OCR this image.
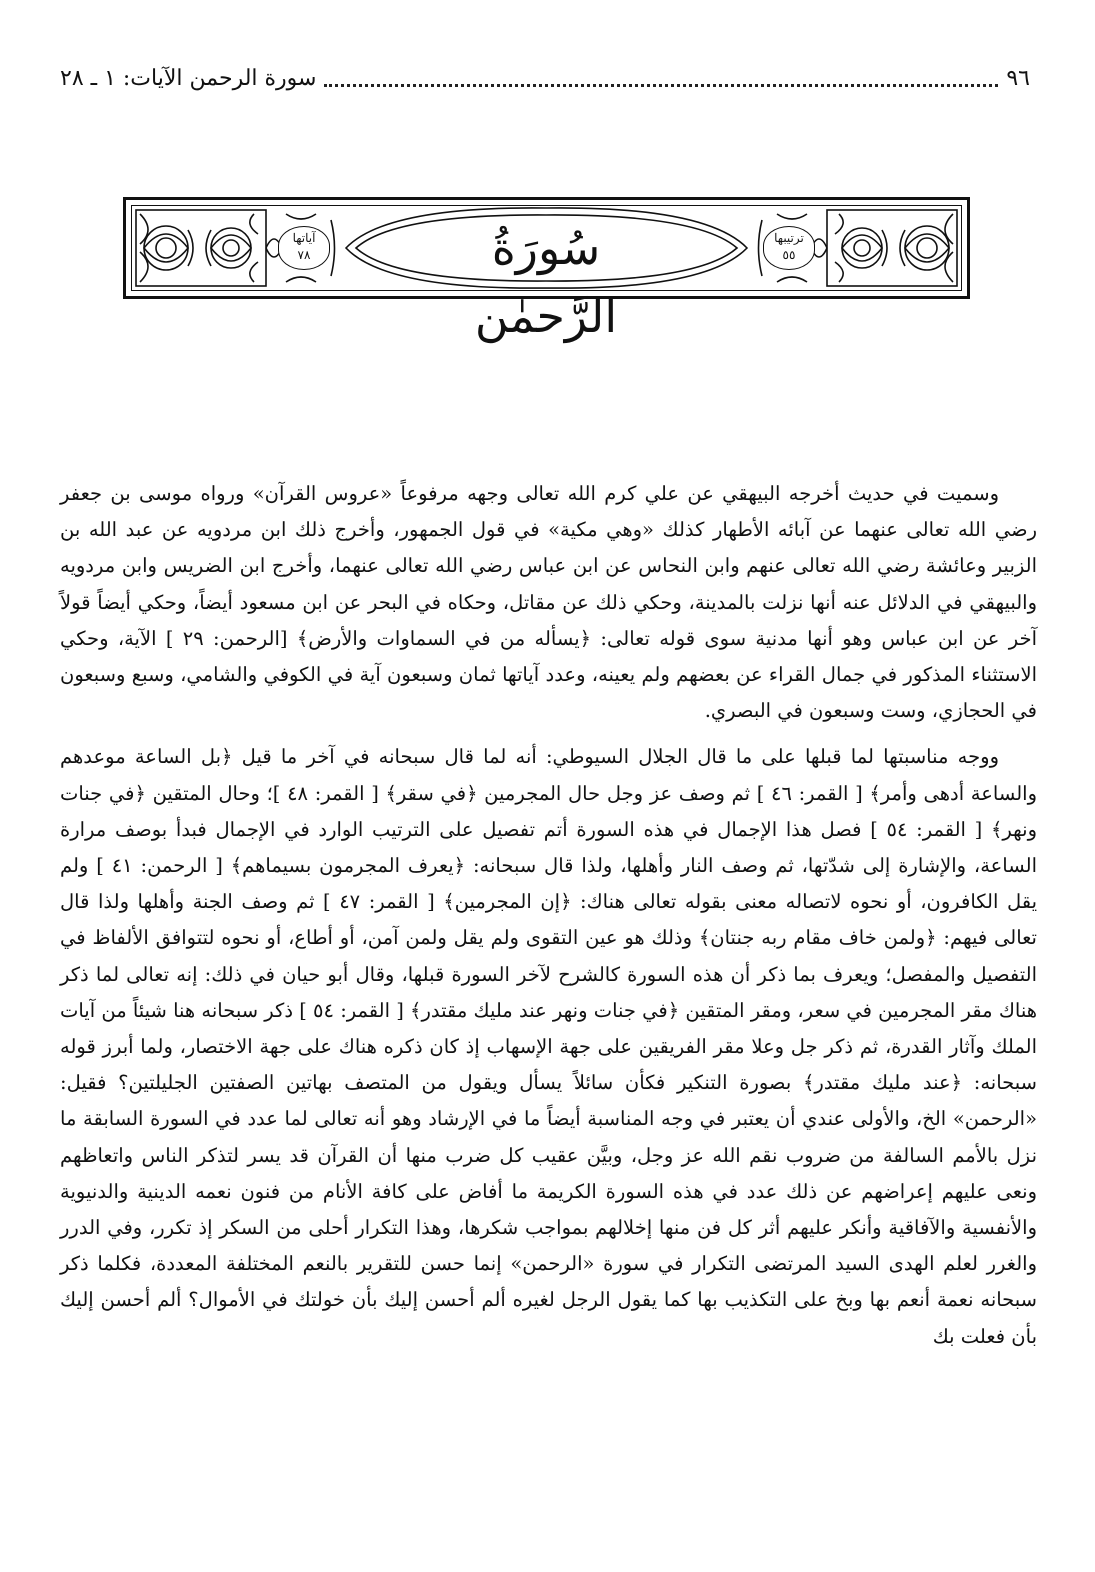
٩٦
سورة الرحمن الآيات: ١ ـ ٢٨
آياتها
٧٨	سُورَةُ الرَّحمٰن
ترتيبها
٥٥

وسميت في حديث أخرجه البيهقي عن علي كرم الله تعالى وجهه مرفوعاً «عروس القرآن» ورواه موسى بن جعفر رضي الله تعالى عنهما عن آبائه الأطهار كذلك «وهي مكية» في قول الجمهور، وأخرج ذلك ابن مردويه عن عبد الله بن الزبير وعائشة رضي الله تعالى عنهم وابن النحاس عن ابن عباس رضي الله تعالى عنهما، وأخرج ابن الضريس وابن مردويه والبيهقي في الدلائل عنه أنها نزلت بالمدينة، وحكي ذلك عن مقاتل، وحكاه في البحر عن ابن مسعود أيضاً، وحكي أيضاً قولاً آخر عن ابن عباس وهو أنها مدنية سوى قوله تعالى: ﴿يسأله من في السماوات والأرض﴾ [الرحمن: ٢٩ ] الآية، وحكي الاستثناء المذكور في جمال القراء عن بعضهم ولم يعينه، وعدد آياتها ثمان وسبعون آية في الكوفي والشامي، وسبع وسبعون في الحجازي، وست وسبعون في البصري.

ووجه مناسبتها لما قبلها على ما قال الجلال السيوطي: أنه لما قال سبحانه في آخر ما قيل ﴿بل الساعة موعدهم والساعة أدهى وأمر﴾ [ القمر: ٤٦ ] ثم وصف عز وجل حال المجرمين ﴿في سقر﴾ [ القمر: ٤٨ ]؛ وحال المتقين ﴿في جنات ونهر﴾ [ القمر: ٥٤ ] فصل هذا الإجمال في هذه السورة أتم تفصيل على الترتيب الوارد في الإجمال فبدأ بوصف مرارة الساعة، والإشارة إلى شدّتها، ثم وصف النار وأهلها، ولذا قال سبحانه: ﴿يعرف المجرمون بسيماهم﴾ [ الرحمن: ٤١ ] ولم يقل الكافرون، أو نحوه لاتصاله معنى بقوله تعالى هناك: ﴿إن المجرمين﴾ [ القمر: ٤٧ ] ثم وصف الجنة وأهلها ولذا قال تعالى فيهم: ﴿ولمن خاف مقام ربه جنتان﴾ وذلك هو عين التقوى ولم يقل ولمن آمن، أو أطاع، أو نحوه لتتوافق الألفاظ في التفصيل والمفصل؛ ويعرف بما ذكر أن هذه السورة كالشرح لآخر السورة قبلها، وقال أبو حيان في ذلك: إنه تعالى لما ذكر هناك مقر المجرمين في سعر، ومقر المتقين ﴿في جنات ونهر عند مليك مقتدر﴾ [ القمر: ٥٤ ] ذكر سبحانه هنا شيئاً من آيات الملك وآثار القدرة، ثم ذكر جل وعلا مقر الفريقين على جهة الإسهاب إذ كان ذكره هناك على جهة الاختصار، ولما أبرز قوله سبحانه: ﴿عند مليك مقتدر﴾ بصورة التنكير فكأن سائلاً يسأل ويقول من المتصف بهاتين الصفتين الجليلتين؟ فقيل: «الرحمن» الخ، والأولى عندي أن يعتبر في وجه المناسبة أيضاً ما في الإرشاد وهو أنه تعالى لما عدد في السورة السابقة ما نزل بالأمم السالفة من ضروب نقم الله عز وجل، وبيَّن عقيب كل ضرب منها أن القرآن قد يسر لتذكر الناس واتعاظهم ونعى عليهم إعراضهم عن ذلك عدد في هذه السورة الكريمة ما أفاض على كافة الأنام من فنون نعمه الدينية والدنيوية والأنفسية والآفاقية وأنكر عليهم أثر كل فن منها إخلالهم بمواجب شكرها، وهذا التكرار أحلى من السكر إذ تكرر، وفي الدرر والغرر لعلم الهدى السيد المرتضى التكرار في سورة «الرحمن» إنما حسن للتقرير بالنعم المختلفة المعددة، فكلما ذكر سبحانه نعمة أنعم بها وبخ على التكذيب بها كما يقول الرجل لغيره ألم أحسن إليك بأن خولتك في الأموال؟ ألم أحسن إليك بأن فعلت بك
